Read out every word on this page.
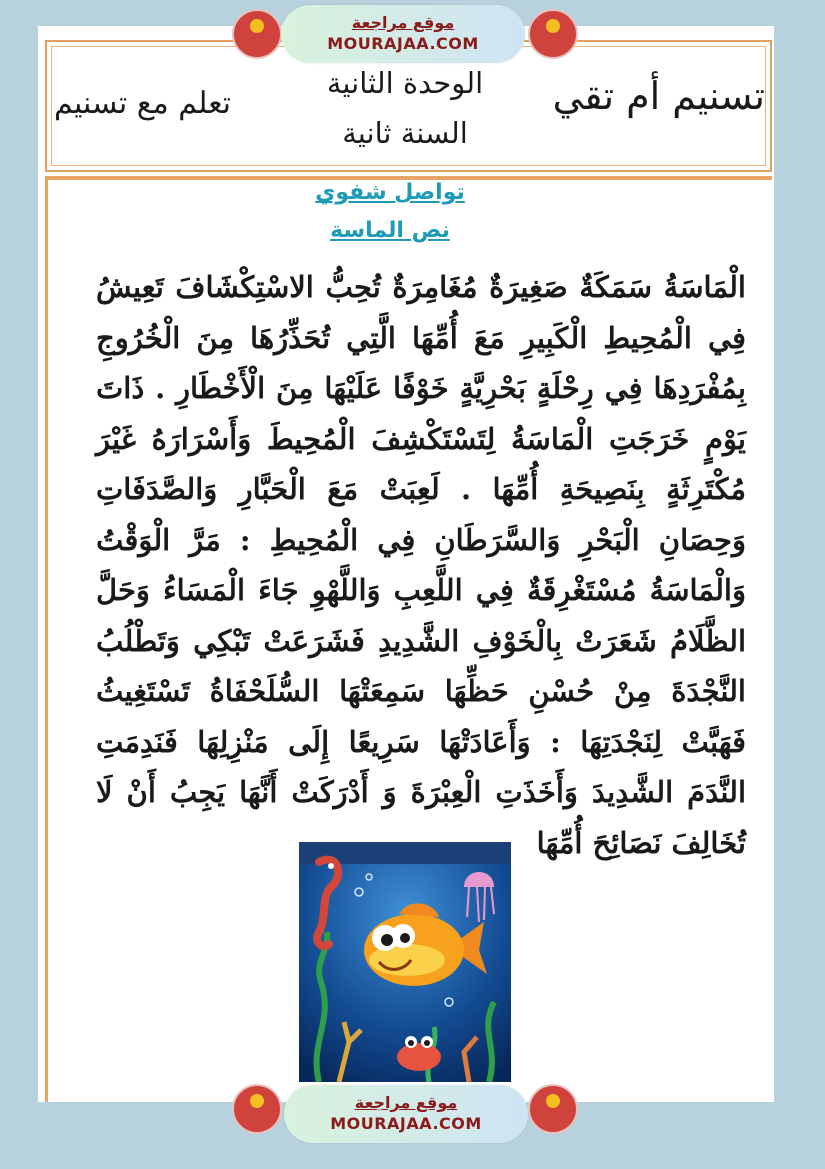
تسنيم أم تقي
تعلم مع تسنيم
الوحدة الثانية
السنة ثانية
تواصل شفوي
نص الماسة
الْمَاسَةُ سَمَكَةٌ صَغِيرَةٌ مُغَامِرَةٌ تُحِبُّ الاسْتِكْشَافَ تَعِيشُ فِي الْمُحِيطِ الْكَبِيرِ مَعَ أُمِّهَا الَّتِي تُحَذِّرُهَا مِنَ الْخُرُوجِ بِمُفْرَدِهَا فِي رِحْلَةٍ بَحْرِيَّةٍ خَوْفًا عَلَيْهَا مِنَ الْأَخْطَارِ . ذَاتَ يَوْمٍ خَرَجَتِ الْمَاسَةُ لِتَسْتَكْشِفَ الْمُحِيطَ وَأَسْرَارَهُ غَيْرَ مُكْتَرِثَةٍ بِنَصِيحَةِ أُمِّهَا . لَعِبَتْ مَعَ الْحَبَّارِ وَالصَّدَفَاتِ وَحِصَانِ الْبَحْرِ وَالسَّرَطَانِ فِي الْمُحِيطِ : مَرَّ الْوَقْتُ وَالْمَاسَةُ مُسْتَغْرِقَةٌ فِي اللَّعِبِ وَاللَّهْوِ جَاءَ الْمَسَاءُ وَحَلَّ الظَّلَامُ شَعَرَتْ بِالْخَوْفِ الشَّدِيدِ فَشَرَعَتْ تَبْكِي وَتَطْلُبُ النَّجْدَةَ مِنْ حُسْنِ حَظِّهَا سَمِعَتْهَا السُّلَحْفَاةُ تَسْتَغِيثُ فَهَبَّتْ لِنَجْدَتِهَا : وَأَعَادَتْهَا سَرِيعًا إِلَى مَنْزِلِهَا فَنَدِمَتِ النَّدَمَ الشَّدِيدَ وَأَخَذَتِ الْعِبْرَةَ وَ أَدْرَكَتْ أَنَّهَا يَجِبُ أَنْ لَا تُخَالِفَ نَصَائِحَ أُمِّهَا
موقع مراجعة
MOURAJAA.COM
موقع مراجعة
MOURAJAA.COM
